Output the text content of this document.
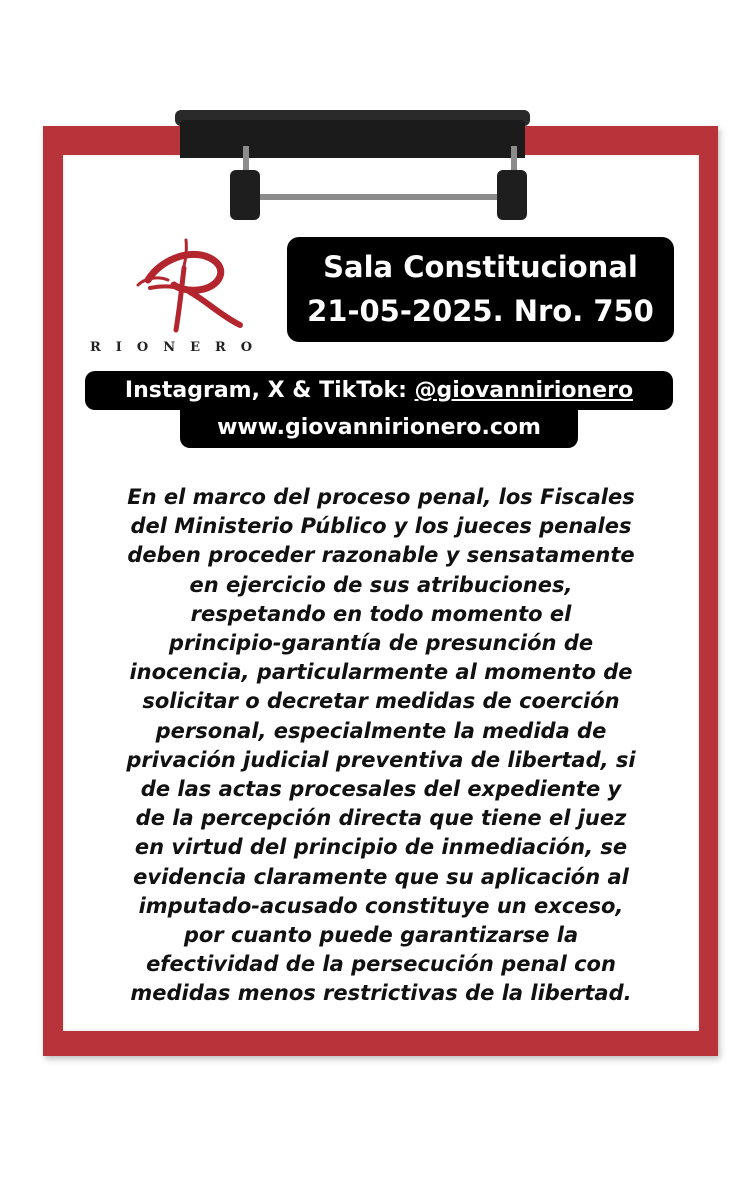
RIONERO
Sala Constitucional
21-05-2025. Nro. 750
Instagram, X & TikTok: @giovannirionero
www.giovannirionero.com
En el marco del proceso penal, los Fiscales
del Ministerio Público y los jueces penales
deben proceder razonable y sensatamente
en ejercicio de sus atribuciones,
respetando en todo momento el
principio-garantía de presunción de
inocencia, particularmente al momento de
solicitar o decretar medidas de coerción
personal, especialmente la medida de
privación judicial preventiva de libertad, si
de las actas procesales del expediente y
de la percepción directa que tiene el juez
en virtud del principio de inmediación, se
evidencia claramente que su aplicación al
imputado-acusado constituye un exceso,
por cuanto puede garantizarse la
efectividad de la persecución penal con
medidas menos restrictivas de la libertad.
